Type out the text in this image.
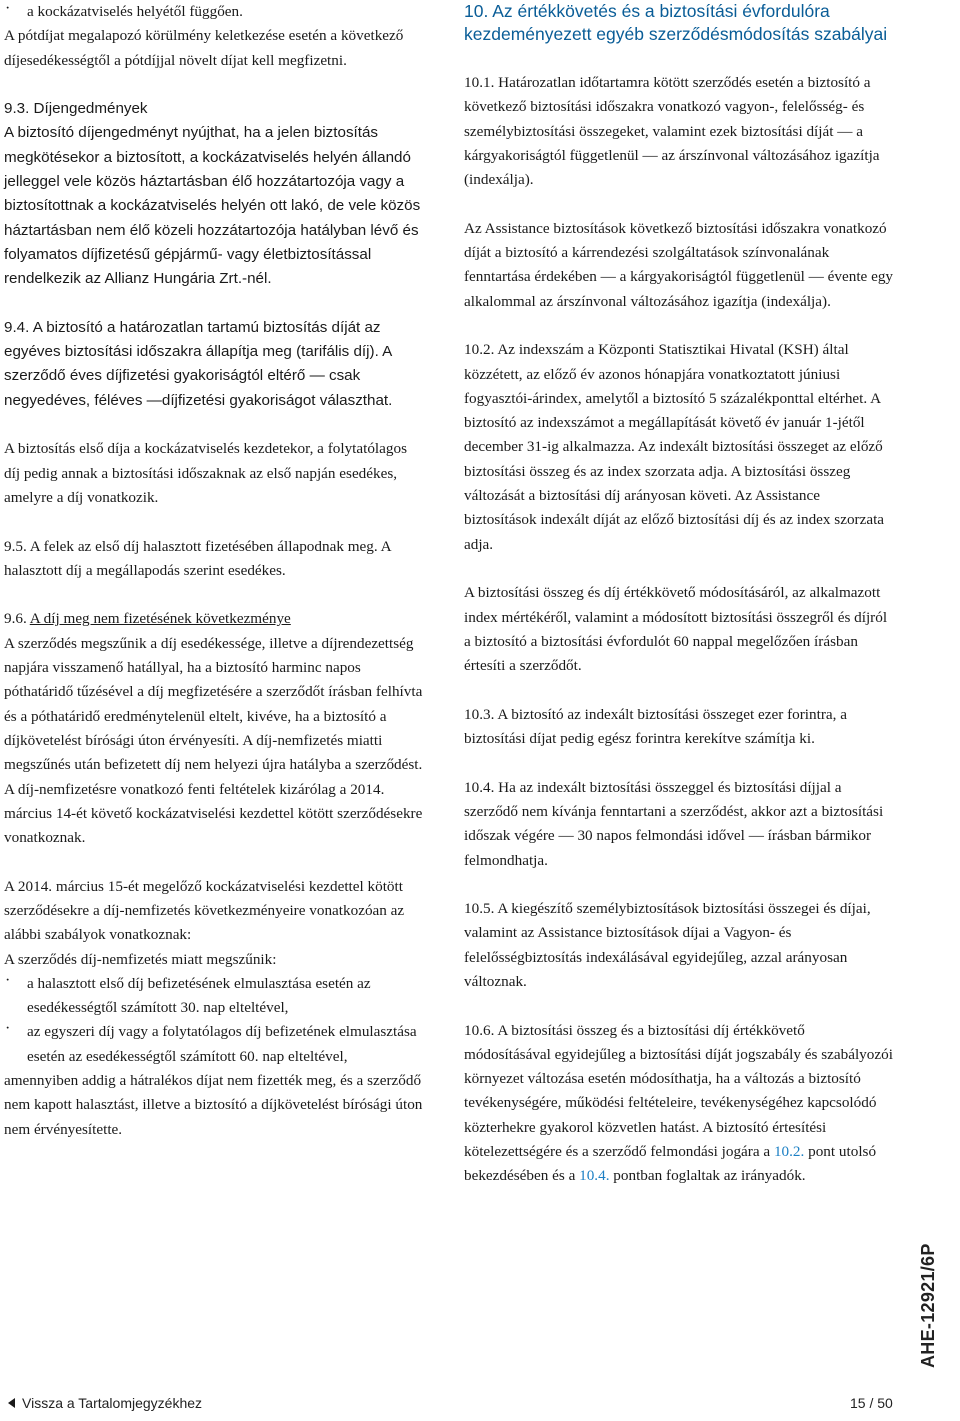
·	a kockázatviselés helyétől függően.

A pótdíjat megalapozó körülmény keletkezése esetén a következő díjesedékességtől a pótdíjjal növelt díjat kell megfizetni.

9.3. Díjengedmények

A biztosító díjengedményt nyújthat, ha a jelen biztosítás megkötésekor a biztosított, a kockázatviselés helyén állandó jelleggel vele közös háztartásban élő hozzátartozója vagy a biztosítottnak a kockázatviselés helyén ott lakó, de vele közös háztartásban nem élő közeli hozzátartozója hatályban lévő és folyamatos díjfizetésű gépjármű- vagy életbiztosítással rendelkezik az Allianz Hungária Zrt.-nél.

9.4. A biztosító a határozatlan tartamú biztosítás díját az egyéves biztosítási időszakra állapítja meg (tarifális díj). A szerződő éves díjfizetési gyakoriságtól eltérő — csak negyedéves, féléves —díjfizetési gyakoriságot választhat.

A biztosítás első díja a kockázatviselés kezdetekor, a folytatólagos díj pedig annak a biztosítási időszaknak az első napján esedékes, amelyre a díj vonatkozik.

9.5. A felek az első díj halasztott fizetésében állapodnak meg. A halasztott díj a megállapodás szerint esedékes.

9.6. A díj meg nem fizetésének következménye

A szerződés megszűnik a díj esedékessége, illetve a díjrendezettség napjára visszamenő hatállyal, ha a biztosító harminc napos póthatáridő tűzésével a díj megfizetésére a szerződőt írásban felhívta és a póthatáridő eredménytelenül eltelt, kivéve, ha a biztosító a díjkövetelést bírósági úton érvényesíti. A díj-nemfizetés miatti megszűnés után befizetett díj nem helyezi újra hatályba a szerződést.

A díj-nemfizetésre vonatkozó fenti feltételek kizárólag a 2014. március 14-ét követő kockázatviselési kezdettel kötött szerződésekre vonatkoznak.

A 2014. március 15-ét megelőző kockázatviselési kezdettel kötött szerződésekre a díj-nemfizetés következményeire vonatkozóan az alábbi szabályok vonatkoznak:

A szerződés díj-nemfizetés miatt megszűnik:

·	a halasztott első díj befizetésének elmulasztása esetén az esedékességtől számított 30. nap elteltével,

·	az egyszeri díj vagy a folytatólagos díj befizetének elmulasztása esetén az esedékességtől számított 60. nap elteltével,

amennyiben addig a hátralékos díjat nem fizették meg, és a szerződő nem kapott halasztást, illetve a biztosító a díjkövetelést bírósági úton nem érvényesítette.

10. Az értékkövetés és a biztosítási évfordulóra kezdeményezett egyéb szerződésmódosítás szabályai

10.1. Határozatlan időtartamra kötött szerződés esetén a biztosító a következő biztosítási időszakra vonatkozó vagyon-, felelősség- és személybiztosítási összegeket, valamint ezek biztosítási díját — a kárgyakoriságtól függetlenül — az árszínvonal változásához igazítja (indexálja).

Az Assistance biztosítások következő biztosítási időszakra vonatkozó díját a biztosító a kárrendezési szolgáltatások színvonalának fenntartása érdekében — a kárgyakoriságtól függetlenül — évente egy alkalommal az árszínvonal változásához igazítja (indexálja).

10.2. Az indexszám a Központi Statisztikai Hivatal (KSH) által közzétett, az előző év azonos hónapjára vonatkoztatott júniusi fogyasztói-árindex, amelytől a biztosító 5 százalékponttal eltérhet. A biztosító az indexszámot a megállapítását követő év január 1-jétől december 31-ig alkalmazza. Az indexált biztosítási összeget az előző biztosítási összeg és az index szorzata adja. A biztosítási összeg változását a biztosítási díj arányosan követi. Az Assistance biztosítások indexált díját az előző biztosítási díj és az index szorzata adja.

A biztosítási összeg és díj értékkövető módosításáról, az alkalmazott index mértékéről, valamint a módosított biztosítási összegről és díjról a biztosító a biztosítási évfordulót 60 nappal megelőzően írásban értesíti a szerződőt.

10.3. A biztosító az indexált biztosítási összeget ezer forintra, a biztosítási díjat pedig egész forintra kerekítve számítja ki.

10.4. Ha az indexált biztosítási összeggel és biztosítási díjjal a szerződő nem kívánja fenntartani a szerződést, akkor azt a biztosítási időszak végére — 30 napos felmondási idővel — írásban bármikor felmondhatja.

10.5. A kiegészítő személybiztosítások biztosítási összegei és díjai, valamint az Assistance biztosítások díjai a Vagyon- és felelősségbiztosítás indexálásával egyidejűleg, azzal arányosan változnak.

10.6. A biztosítási összeg és a biztosítási díj értékkövető módosításával egyidejűleg a biztosítási díját jogszabály és szabályozói környezet változása esetén módosíthatja, ha a változás a biztosító tevékenységére, működési feltételeire, tevékenységéhez kapcsolódó közterhekre gyakorol közvetlen hatást. A biztosító értesítési kötelezettségére és a szerződő felmondási jogára a 10.2. pont utolsó bekezdésében és a 10.4. pontban foglaltak az irányadók.

AHE-12921/6P
Vissza a Tartalomjegyzékhez	15 / 50
